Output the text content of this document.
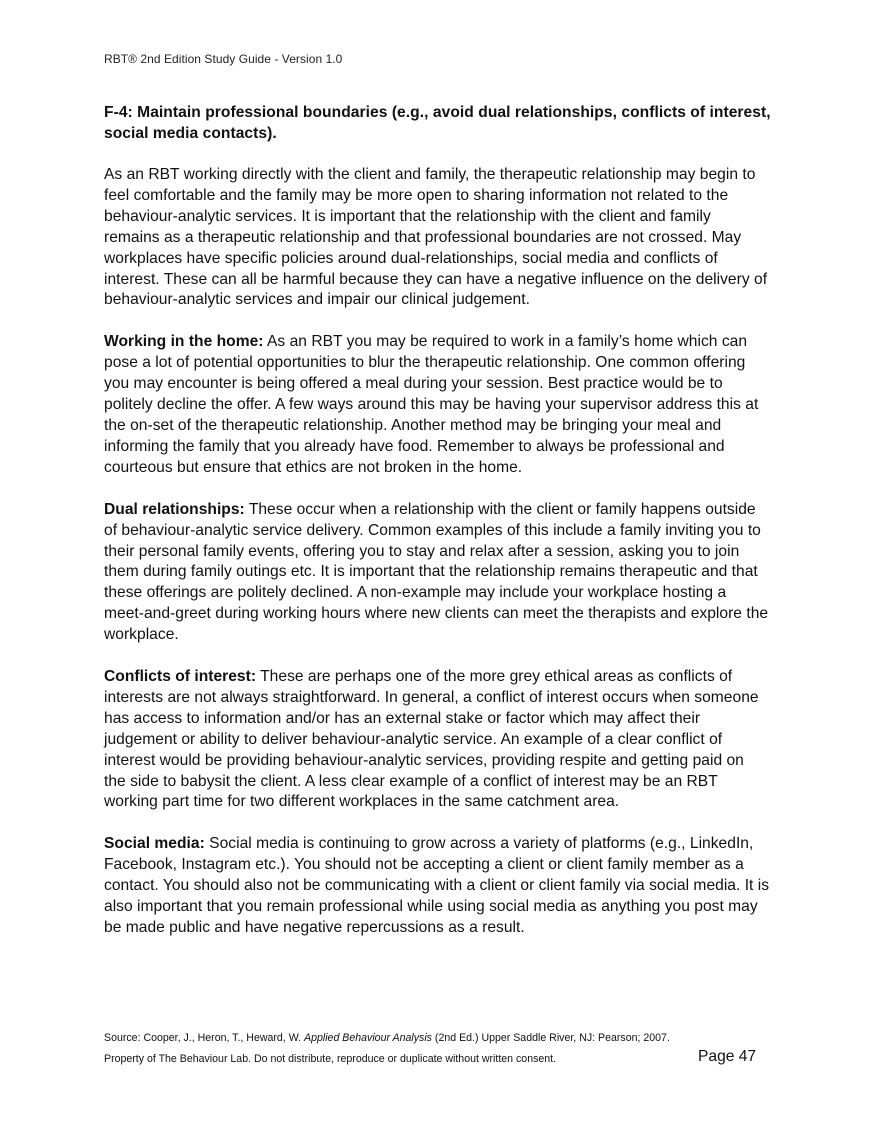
RBT® 2nd Edition Study Guide - Version 1.0
F-4: Maintain professional boundaries (e.g., avoid dual relationships, conflicts of interest,
social media contacts).
As an RBT working directly with the client and family, the therapeutic relationship may begin to
feel comfortable and the family may be more open to sharing information not related to the
behaviour-analytic services. It is important that the relationship with the client and family
remains as a therapeutic relationship and that professional boundaries are not crossed. May
workplaces have specific policies around dual-relationships, social media and conflicts of
interest. These can all be harmful because they can have a negative influence on the delivery of
behaviour-analytic services and impair our clinical judgement.
Working in the home: As an RBT you may be required to work in a family’s home which can
pose a lot of potential opportunities to blur the therapeutic relationship. One common offering
you may encounter is being offered a meal during your session. Best practice would be to
politely decline the offer. A few ways around this may be having your supervisor address this at
the on-set of the therapeutic relationship. Another method may be bringing your meal and
informing the family that you already have food. Remember to always be professional and
courteous but ensure that ethics are not broken in the home.
Dual relationships: These occur when a relationship with the client or family happens outside
of behaviour-analytic service delivery. Common examples of this include a family inviting you to
their personal family events, offering you to stay and relax after a session, asking you to join
them during family outings etc. It is important that the relationship remains therapeutic and that
these offerings are politely declined. A non-example may include your workplace hosting a
meet-and-greet during working hours where new clients can meet the therapists and explore the
workplace.
Conflicts of interest: These are perhaps one of the more grey ethical areas as conflicts of
interests are not always straightforward. In general, a conflict of interest occurs when someone
has access to information and/or has an external stake or factor which may affect their
judgement or ability to deliver behaviour-analytic service. An example of a clear conflict of
interest would be providing behaviour-analytic services, providing respite and getting paid on
the side to babysit the client. A less clear example of a conflict of interest may be an RBT
working part time for two different workplaces in the same catchment area.
Social media: Social media is continuing to grow across a variety of platforms (e.g., LinkedIn,
Facebook, Instagram etc.). You should not be accepting a client or client family member as a
contact. You should also not be communicating with a client or client family via social media. It is
also important that you remain professional while using social media as anything you post may
be made public and have negative repercussions as a result.
Source: Cooper, J., Heron, T., Heward, W. Applied Behaviour Analysis (2nd Ed.) Upper Saddle River, NJ: Pearson; 2007.
Property of The Behaviour Lab. Do not distribute, reproduce or duplicate without written consent.	Page 47
